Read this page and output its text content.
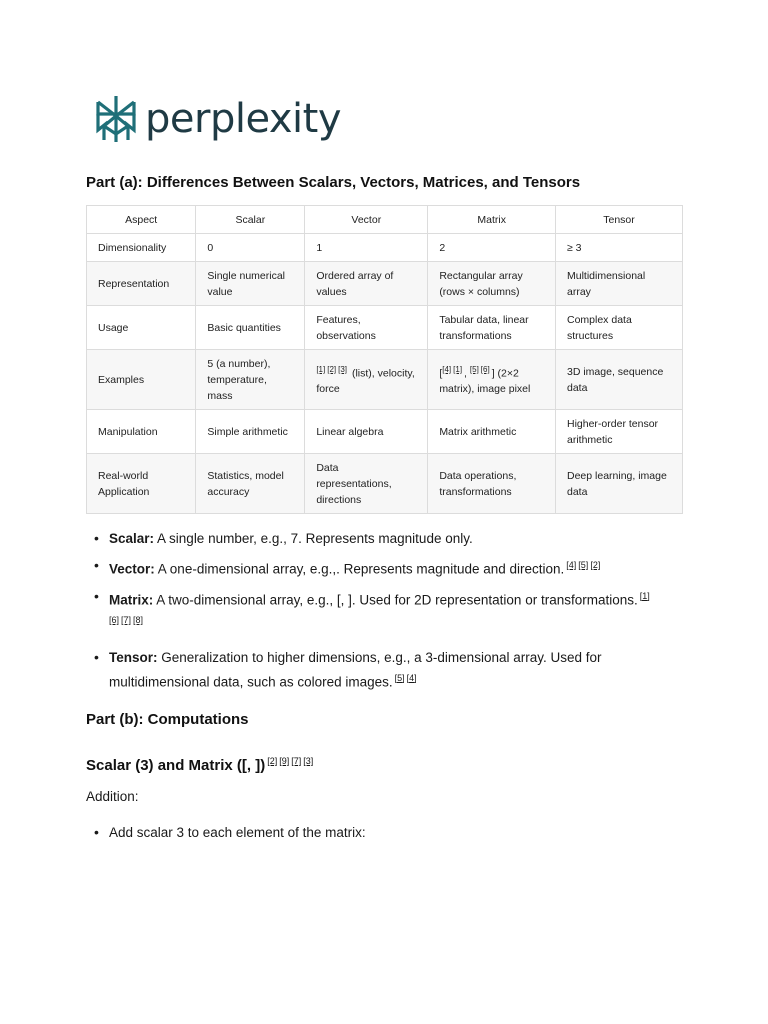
perplexity
Part (a): Differences Between Scalars, Vectors, Matrices, and Tensors
Aspect	Scalar	Vector	Matrix	Tensor
Dimensionality	0	1	2	≥ 3
Representation	Single numerical value	Ordered array of values	Rectangular array (rows × columns)	Multidimensional array
Usage	Basic quantities	Features, observations	Tabular data, linear transformations	Complex data structures
Examples	5 (a number), temperature, mass	[1] [2] [3] (list), velocity, force	[[4] [1] , [5] [6] ] (2×2 matrix), image pixel	3D image, sequence data
Manipulation	Simple arithmetic	Linear algebra	Matrix arithmetic	Higher-order tensor arithmetic
Real-world Application	Statistics, model accuracy	Data representations, directions	Data operations, transformations	Deep learning, image data
• Scalar: A single number, e.g., 7. Represents magnitude only.
• Vector: A one-dimensional array, e.g.,. Represents magnitude and direction. [4] [5] [2]
• Matrix: A two-dimensional array, e.g., [, ]. Used for 2D representation or transformations. [1]
[6] [7] [8]
• Tensor: Generalization to higher dimensions, e.g., a 3-dimensional array. Used for multidimensional data, such as colored images. [5] [4]
Part (b): Computations
Scalar (3) and Matrix ([, ]) [2] [9] [7] [3]
Addition:
• Add scalar 3 to each element of the matrix:
